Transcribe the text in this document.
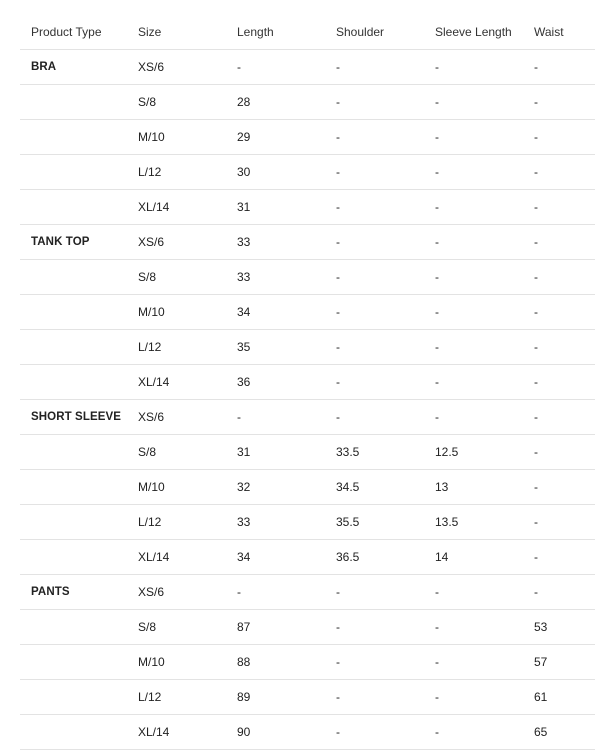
Product Type	Size	Length	Shoulder	Sleeve Length	Waist
BRA	XS/6	-	-	-	-
	S/8	28	-	-	-
	M/10	29	-	-	-
	L/12	30	-	-	-
	XL/14	31	-	-	-
TANK TOP	XS/6	33	-	-	-
	S/8	33	-	-	-
	M/10	34	-	-	-
	L/12	35	-	-	-
	XL/14	36	-	-	-
SHORT SLEEVE	XS/6	-	-	-	-
	S/8	31	33.5	12.5	-
	M/10	32	34.5	13	-
	L/12	33	35.5	13.5	-
	XL/14	34	36.5	14	-
PANTS	XS/6	-	-	-	-
	S/8	87	-	-	53
	M/10	88	-	-	57
	L/12	89	-	-	61
	XL/14	90	-	-	65
